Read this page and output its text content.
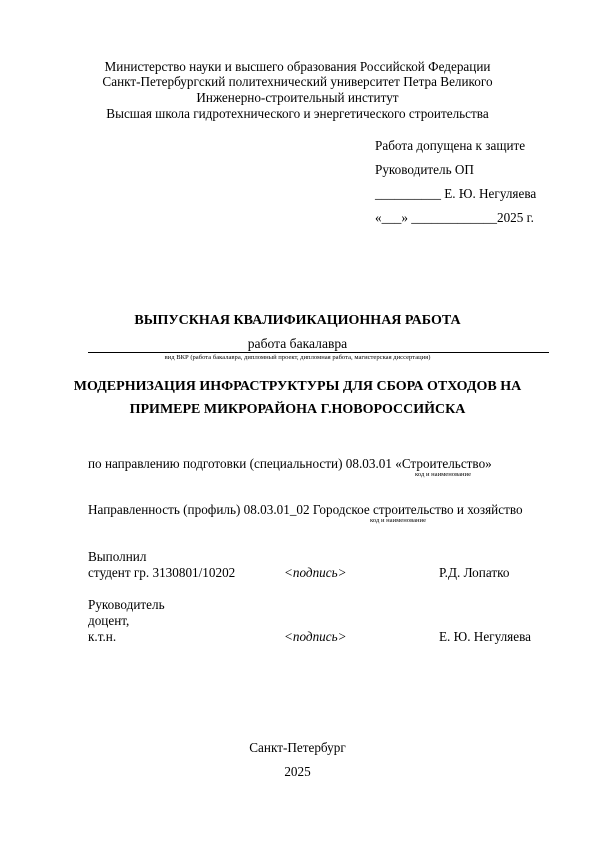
Министерство науки и высшего образования Российской Федерации
Санкт-Петербургский политехнический университет Петра Великого
Инженерно-строительный институт
Высшая школа гидротехнического и энергетического строительства
Работа допущена к защите
Руководитель ОП
__________ Е. Ю. Негуляева
«___» _____________2025 г.
ВЫПУСКНАЯ КВАЛИФИКАЦИОННАЯ РАБОТА
работа бакалавра
вид ВКР (работа бакалавра, дипломный проект, дипломная работа, магистерская диссертация)
МОДЕРНИЗАЦИЯ ИНФРАСТРУКТУРЫ ДЛЯ СБОРА ОТХОДОВ НА
ПРИМЕРЕ МИКРОРАЙОНА Г.НОВОРОССИЙСКА
по направлению подготовки (специальности) 08.03.01 «Строительство»
код и наименование
Направленность (профиль) 08.03.01_02 Городское строительство и хозяйство
код и наименование
Выполнил
студент гр. 3130801/10202	<подпись>	Р.Д. Лопатко
Руководитель
доцент,
к.т.н.	<подпись>	Е. Ю. Негуляева
Санкт-Петербург
2025
